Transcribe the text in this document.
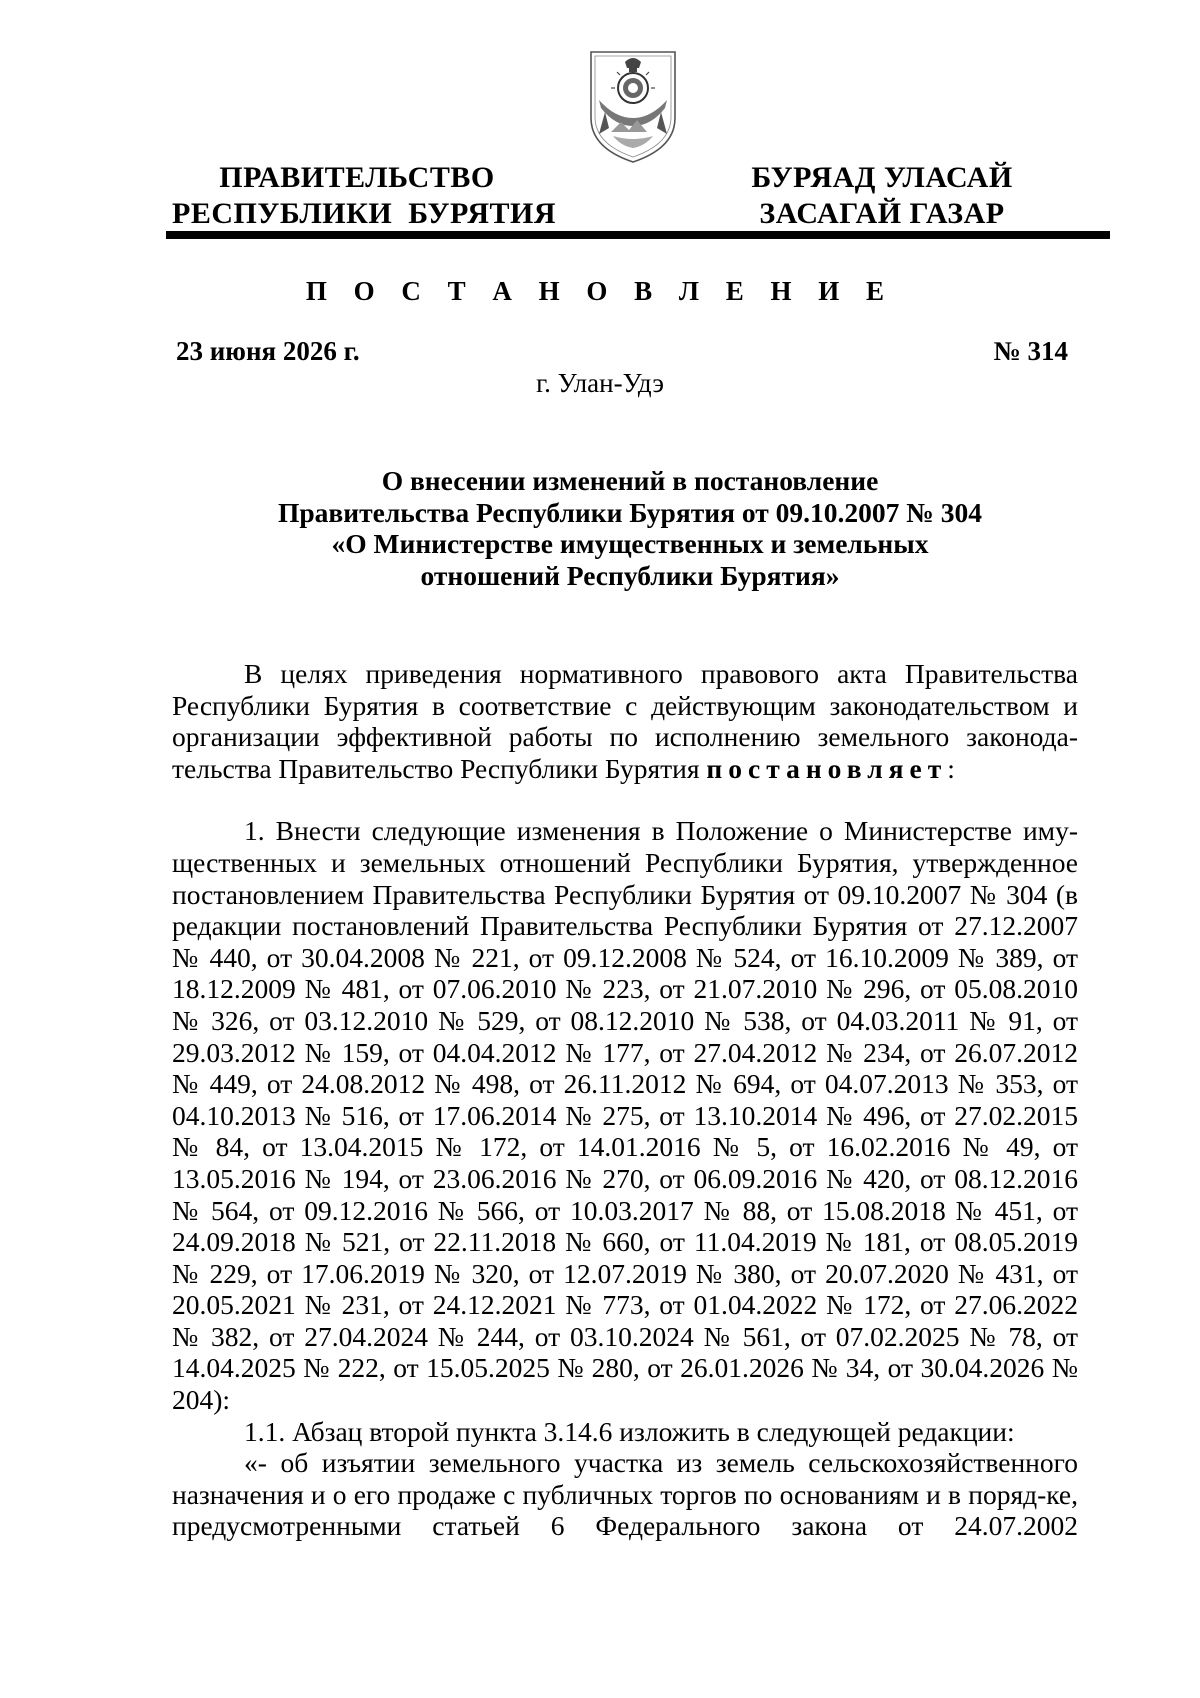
ПРАВИТЕЛЬСТВО
РЕСПУБЛИКИ  БУРЯТИЯ
БУРЯАД УЛАСАЙ
ЗАСАГАЙ ГАЗАР
П О С Т А Н О В Л Е Н И Е
23 июня 2026 г.	№ 314
г. Улан-Удэ
О внесении изменений в постановление
Правительства Республики Бурятия от 09.10.2007 № 304
«О Министерстве имущественных и земельных
отношений Республики Бурятия»

В целях приведения нормативного правового акта Правительства Республики Бурятия в соответствие с действующим законодательством и организации эффективной работы по исполнению земельного законода-тельства Правительство Республики Бурятия постановляет:

1. Внести следующие изменения в Положение о Министерстве иму-щественных и земельных отношений Республики Бурятия, утвержденное постановлением Правительства Республики Бурятия от 09.10.2007 № 304 (в редакции постановлений Правительства Республики Бурятия от 27.12.2007 № 440, от 30.04.2008 № 221, от 09.12.2008 № 524, от 16.10.2009 № 389, от 18.12.2009 № 481, от 07.06.2010 № 223, от 21.07.2010 № 296, от 05.08.2010 № 326, от 03.12.2010 № 529, от 08.12.2010 № 538, от 04.03.2011 № 91, от 29.03.2012 № 159, от 04.04.2012 № 177, от 27.04.2012 № 234, от 26.07.2012 № 449, от 24.08.2012 № 498, от 26.11.2012 № 694, от 04.07.2013 № 353, от 04.10.2013 № 516, от 17.06.2014 № 275, от 13.10.2014 № 496, от 27.02.2015 № 84, от 13.04.2015 № 172, от 14.01.2016 № 5, от 16.02.2016 № 49, от 13.05.2016 № 194, от 23.06.2016 № 270, от 06.09.2016 № 420, от 08.12.2016 № 564, от 09.12.2016 № 566, от 10.03.2017 № 88, от 15.08.2018 № 451, от 24.09.2018 № 521, от 22.11.2018 № 660, от 11.04.2019 № 181, от 08.05.2019 № 229, от 17.06.2019 № 320, от 12.07.2019 № 380, от 20.07.2020 № 431, от 20.05.2021 № 231, от 24.12.2021 № 773, от 01.04.2022 № 172, от 27.06.2022 № 382, от 27.04.2024 № 244, от 03.10.2024 № 561, от 07.02.2025 № 78, от 14.04.2025 № 222, от 15.05.2025 № 280, от 26.01.2026 № 34, от 30.04.2026 № 204):

1.1. Абзац второй пункта 3.14.6 изложить в следующей редакции:

«- об изъятии земельного участка из земель сельскохозяйственного назначения и о его продаже с публичных торгов по основаниям и в поряд-ке, предусмотренными статьей 6 Федерального закона от 24.07.2002
